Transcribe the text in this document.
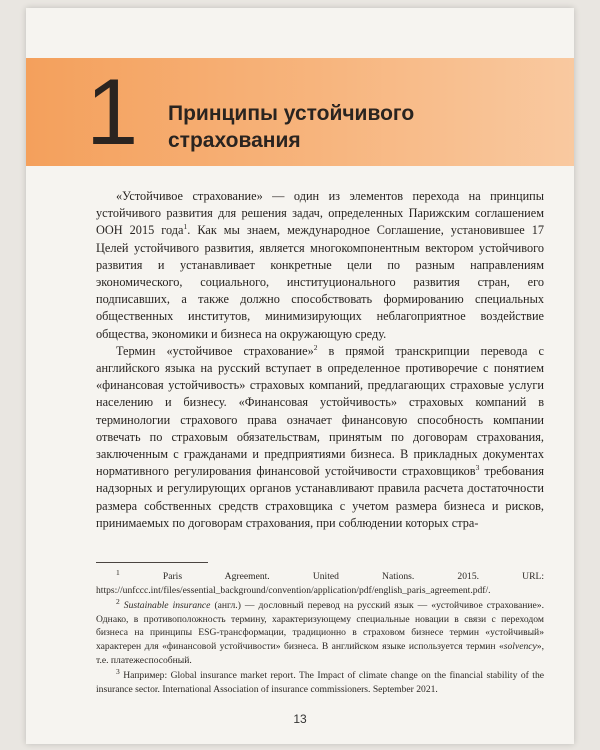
1 Принципы устойчивого страхования

«Устойчивое страхование» — один из элементов перехода на принципы устойчивого развития для решения задач, определенных Парижским соглашением ООН 2015 года$^1$. Как мы знаем, международное Соглашение, установившее 17 Целей устойчивого развития, является многокомпонентным вектором устойчивого развития и устанавливает конкретные цели по разным направлениям экономического, социального, институционального развития стран, его подписавших, а также должно способствовать формированию специальных общественных институтов, минимизирующих неблагоприятное воздействие общества, экономики и бизнеса на окружающую среду.

Термин «устойчивое страхование»$^2$ в прямой транскрипции перевода с английского языка на русский вступает в определенное противоречие с понятием «финансовая устойчивость» страховых компаний, предлагающих страховые услуги населению и бизнесу. «Финансовая устойчивость» страховых компаний в терминологии страхового права означает финансовую способность компании отвечать по страховым обязательствам, принятым по договорам страхования, заключенным с гражданами и предприятиями бизнеса. В прикладных документах нормативного регулирования финансовой устойчивости страховщиков$^3$ требования надзорных и регулирующих органов устанавливают правила расчета достаточности размера собственных средств страховщика с учетом размера бизнеса и рисков, принимаемых по договорам страхования, при соблюдении которых стра-

$^1$ Paris Agreement. United Nations. 2015. URL: https://unfccc.int/files/essential_background/convention/application/pdf/english_paris_agreement.pdf/.

$^2$ Sustainable insurance (англ.) — дословный перевод на русский язык — «устойчивое страхование». Однако, в противоположность термину, характеризующему специальные новации в связи с переходом бизнеса на принципы ESG-трансформации, традиционно в страховом бизнесе термин «устойчивый» характерен для «финансовой устойчивости» бизнеса. В английском языке используется термин «solvency», т.е. платежеспособный.

$^3$ Например: Global insurance market report. The Impact of climate change on the financial stability of the insurance sector. International Association of insurance commissioners. September 2021.

13
